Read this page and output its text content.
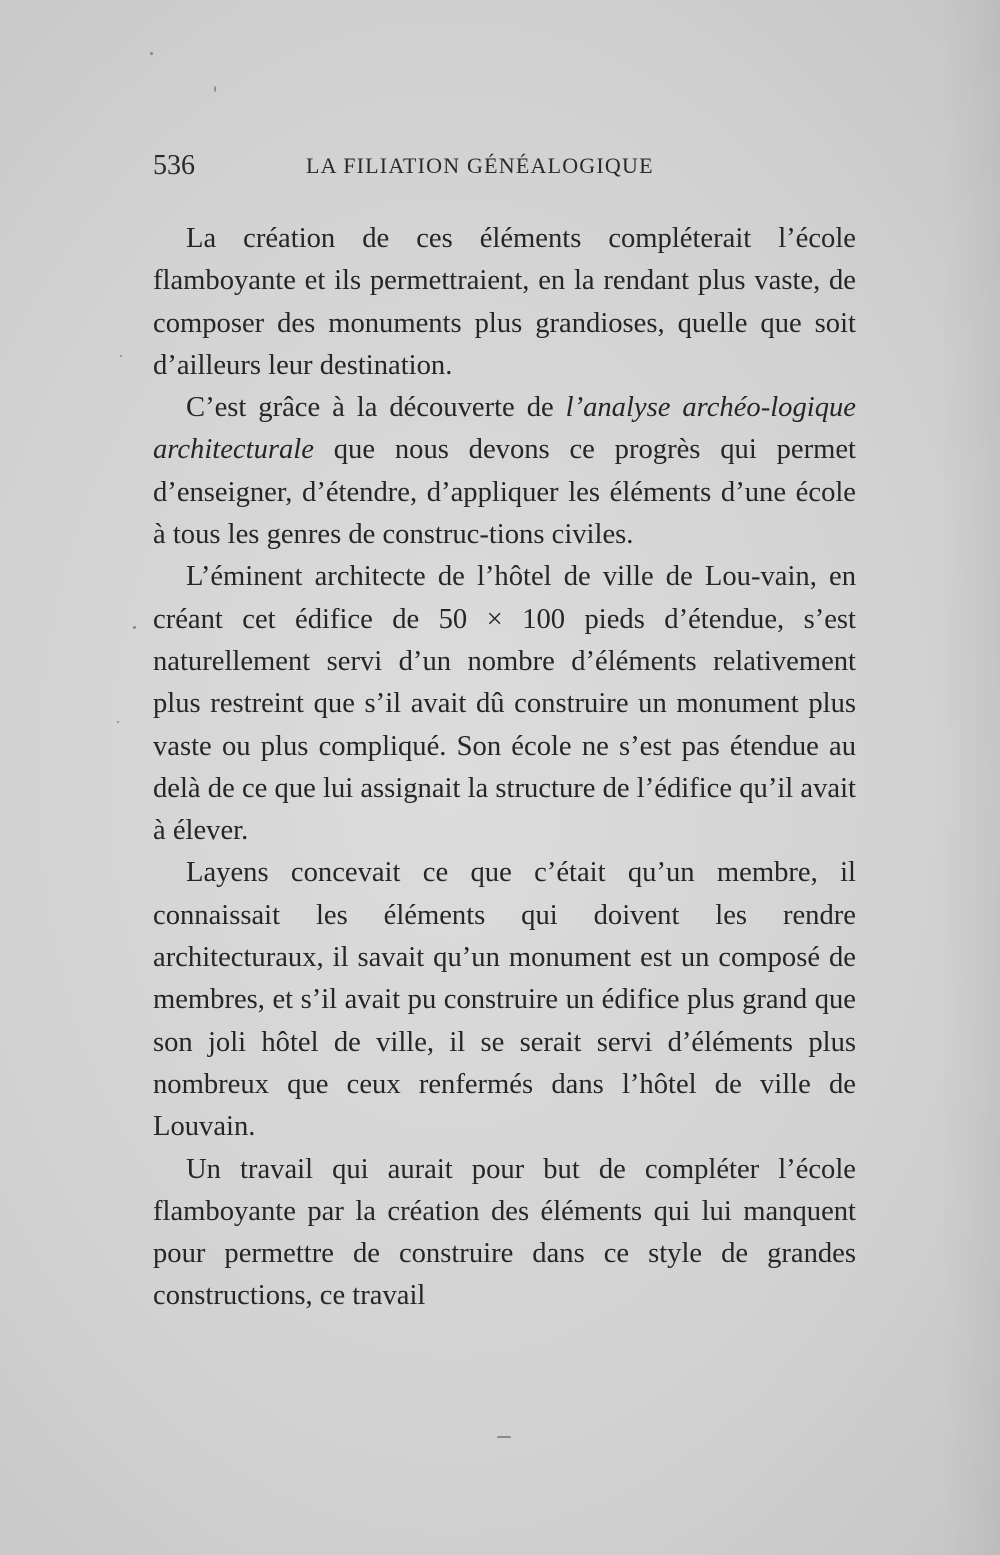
536	LA FILIATION GÉNÉALOGIQUE

La création de ces éléments compléterait l’école flamboyante et ils permettraient, en la rendant plus vaste, de composer des monuments plus grandioses, quelle que soit d’ailleurs leur destination.

C’est grâce à la découverte de l’analyse archéo-logique architecturale que nous devons ce progrès qui permet d’enseigner, d’étendre, d’appliquer les éléments d’une école à tous les genres de construc-tions civiles.

L’éminent architecte de l’hôtel de ville de Lou-vain, en créant cet édifice de 50 × 100 pieds d’étendue, s’est naturellement servi d’un nombre d’éléments relativement plus restreint que s’il avait dû construire un monument plus vaste ou plus compliqué. Son école ne s’est pas étendue au delà de ce que lui assignait la structure de l’édifice qu’il avait à élever.

Layens concevait ce que c’était qu’un membre, il connaissait les éléments qui doivent les rendre architecturaux, il savait qu’un monument est un composé de membres, et s’il avait pu construire un édifice plus grand que son joli hôtel de ville, il se serait servi d’éléments plus nombreux que ceux renfermés dans l’hôtel de ville de Louvain.

Un travail qui aurait pour but de compléter l’école flamboyante par la création des éléments qui lui manquent pour permettre de construire dans ce style de grandes constructions, ce travail
